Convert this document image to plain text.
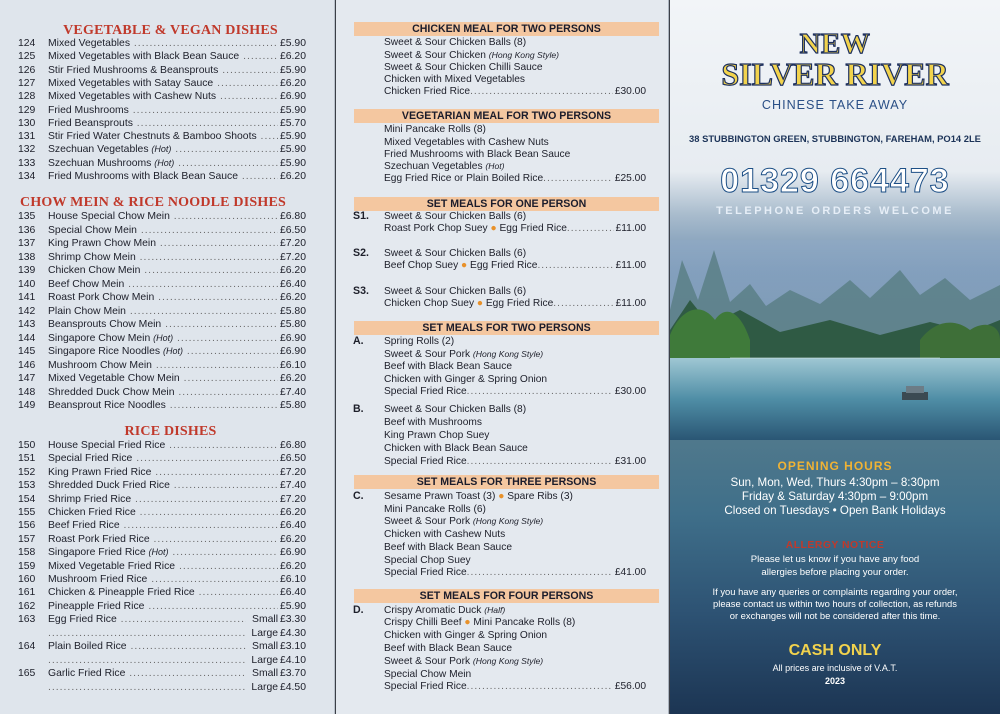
VEGETABLE & VEGAN DISHES
124	Mixed Vegetables .....	£5.90
125	Mixed Vegetables with Black Bean Sauce .....	£6.20
126	Stir Fried Mushrooms & Beansprouts .....	£5.90
127	Mixed Vegetables with Satay Sauce .....	£6.20
128	Mixed Vegetables with Cashew Nuts .....	£6.90
129	Fried Mushrooms .....	£5.90
130	Fried Beansprouts .....	£5.70
131	Stir Fried Water Chestnuts & Bamboo Shoots .....	£5.90
132	Szechuan Vegetables (Hot) .....	£5.90
133	Szechuan Mushrooms (Hot) .....	£5.90
134	Fried Mushrooms with Black Bean Sauce .....	£6.20
CHOW MEIN & RICE NOODLE DISHES
135	House Special Chow Mein .....	£6.80
136	Special Chow Mein .....	£6.50
137	King Prawn Chow Mein .....	£7.20
138	Shrimp Chow Mein .....	£7.20
139	Chicken Chow Mein .....	£6.20
140	Beef Chow Mein .....	£6.40
141	Roast Pork Chow Mein .....	£6.20
142	Plain Chow Mein .....	£5.80
143	Beansprouts Chow Mein .....	£5.80
144	Singapore Chow Mein (Hot) .....	£6.90
145	Singapore Rice Noodles (Hot) .....	£6.90
146	Mushroom Chow Mein .....	£6.10
147	Mixed Vegetable Chow Mein .....	£6.20
148	Shredded Duck Chow Mein .....	£7.40
149	Beansprout Rice Noodles .....	£5.80
RICE DISHES
150	House Special Fried Rice .....	£6.80
151	Special Fried Rice .....	£6.50
152	King Prawn Fried Rice .....	£7.20
153	Shredded Duck Fried Rice .....	£7.40
154	Shrimp Fried Rice .....	£7.20
155	Chicken Fried Rice .....	£6.20
156	Beef Fried Rice .....	£6.40
157	Roast Pork Fried Rice .....	£6.20
158	Singapore Fried Rice (Hot) .....	£6.90
159	Mixed Vegetable Fried Rice .....	£6.20
160	Mushroom Fried Rice .....	£6.10
161	Chicken & Pineapple Fried Rice .....	£6.40
162	Pineapple Fried Rice .....	£5.90
163	Egg Fried Rice .....	Small £3.30
.....
Large £4.30
164	Plain Boiled Rice .....	Small £3.10
.....
Large £4.10
165	Garlic Fried Rice .....	Small £3.70
.....
Large £4.50
CHICKEN MEAL FOR TWO PERSONS
Sweet & Sour Chicken Balls (8)
Sweet & Sour Chicken (Hong Kong Style)
Sweet & Sour Chicken Chilli Sauce
Chicken with Mixed Vegetables
Chicken Fried Rice .....	£30.00
VEGETARIAN MEAL FOR TWO PERSONS
Mini Pancake Rolls (8)
Mixed Vegetables with Cashew Nuts
Fried Mushrooms with Black Bean Sauce
Szechuan Vegetables (Hot)
Egg Fried Rice or Plain Boiled Rice .....	£25.00
SET MEALS FOR ONE PERSON
S1. Sweet & Sour Chicken Balls (6)
Roast Pork Chop Suey ● Egg Fried Rice .....	£11.00
S2. Sweet & Sour Chicken Balls (6)
Beef Chop Suey ● Egg Fried Rice .....	£11.00
S3. Sweet & Sour Chicken Balls (6)
Chicken Chop Suey ● Egg Fried Rice .....	£11.00
SET MEALS FOR TWO PERSONS
A. Spring Rolls (2)
Sweet & Sour Pork (Hong Kong Style)
Beef with Black Bean Sauce
Chicken with Ginger & Spring Onion
Special Fried Rice .....	£30.00
B. Sweet & Sour Chicken Balls (8)
Beef with Mushrooms
King Prawn Chop Suey
Chicken with Black Bean Sauce
Special Fried Rice .....	£31.00
SET MEALS FOR THREE PERSONS
C. Sesame Prawn Toast (3) ● Spare Ribs (3)
Mini Pancake Rolls (6)
Sweet & Sour Pork (Hong Kong Style)
Chicken with Cashew Nuts
Beef with Black Bean Sauce
Special Chop Suey
Special Fried Rice .....	£41.00
SET MEALS FOR FOUR PERSONS
D. Crispy Aromatic Duck (Half)
Crispy Chilli Beef ● Mini Pancake Rolls (8)
Chicken with Ginger & Spring Onion
Beef with Black Bean Sauce
Sweet & Sour Pork (Hong Kong Style)
Special Chow Mein
Special Fried Rice .....	£56.00
NEW
SILVER RIVER
CHINESE TAKE AWAY
38 STUBBINGTON GREEN, STUBBINGTON, FAREHAM, PO14 2LE
01329 664473
TELEPHONE ORDERS WELCOME
OPENING HOURS
Sun, Mon, Wed, Thurs 4:30pm – 8:30pm
Friday & Saturday 4:30pm – 9:00pm
Closed on Tuesdays • Open Bank Holidays
ALLERGY NOTICE
Please let us know if you have any food
allergies before placing your order.
If you have any queries or complaints regarding your order,
please contact us within two hours of collection, as refunds
or exchanges will not be considered after this time.
CASH ONLY
All prices are inclusive of V.A.T.
2023
